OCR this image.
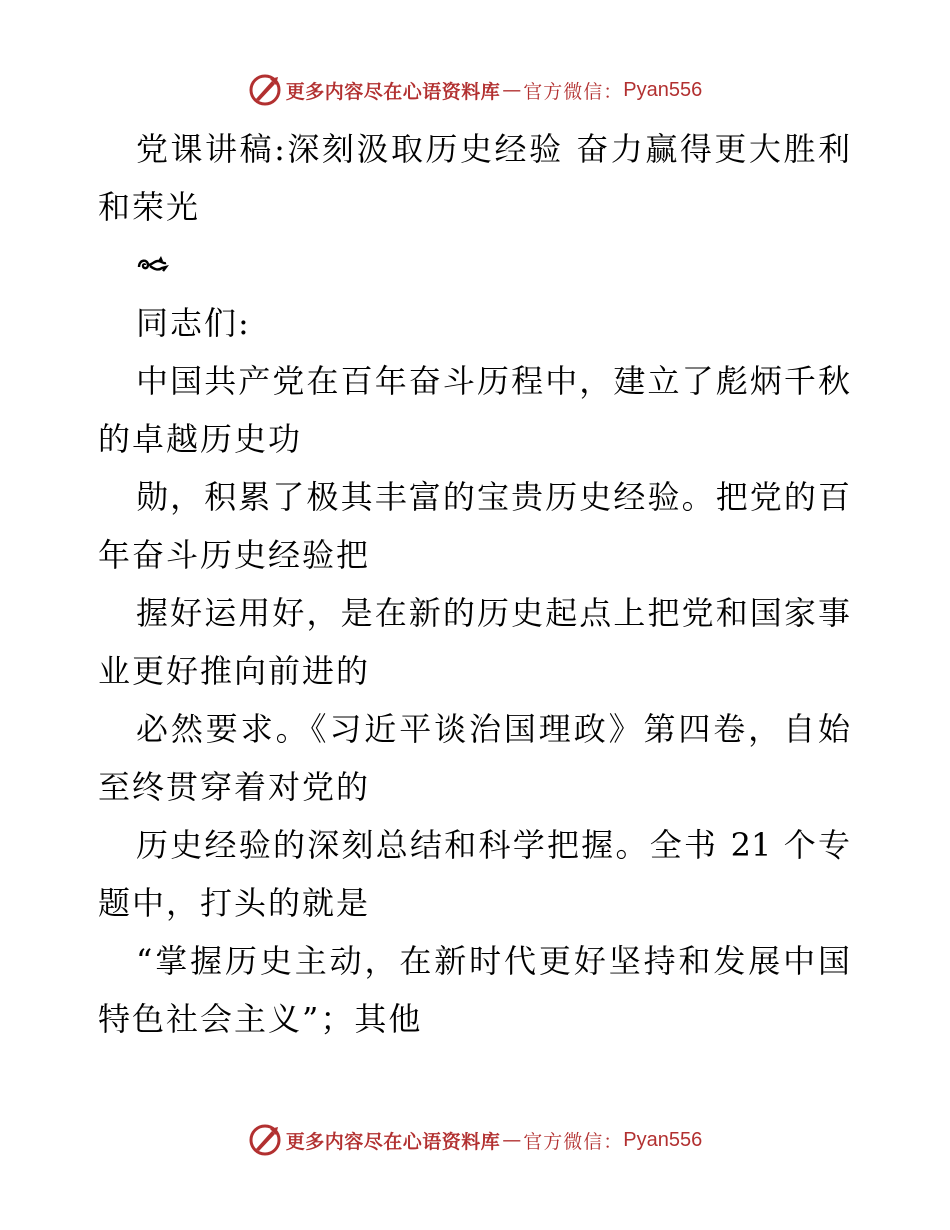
更多内容尽在心语资料库 — 官方微信： Pyan556
党课讲稿:深刻汲取历史经验 奋力赢得更大胜利
和荣光
同志们:
中国共产党在百年奋斗历程中，建立了彪炳千秋
的卓越历史功
勋，积累了极其丰富的宝贵历史经验。把党的百
年奋斗历史经验把
握好运用好，是在新的历史起点上把党和国家事
业更好推向前进的
必然要求。《习近平谈治国理政》第四卷，自始
至终贯穿着对党的
历史经验的深刻总结和科学把握。全书 21 个专
题中，打头的就是
“掌握历史主动，在新时代更好坚持和发展中国
特色社会主义”；其他
更多内容尽在心语资料库 — 官方微信： Pyan556
